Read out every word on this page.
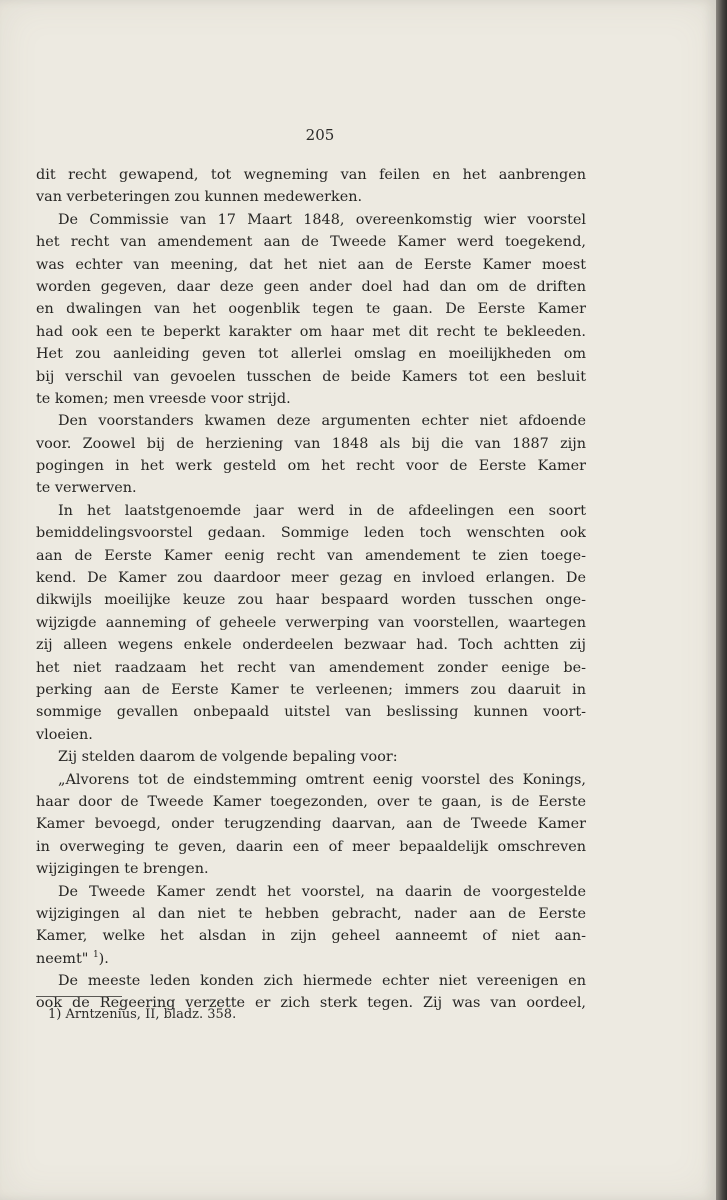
205
dit recht gewapend, tot wegneming van feilen en het aanbrengen
van verbeteringen zou kunnen medewerken.
De Commissie van 17 Maart 1848, overeenkomstig wier voorstel
het recht van amendement aan de Tweede Kamer werd toegekend,
was echter van meening, dat het niet aan de Eerste Kamer moest
worden gegeven, daar deze geen ander doel had dan om de driften
en dwalingen van het oogenblik tegen te gaan. De Eerste Kamer
had ook een te beperkt karakter om haar met dit recht te bekleeden.
Het zou aanleiding geven tot allerlei omslag en moeilijkheden om
bij verschil van gevoelen tusschen de beide Kamers tot een besluit
te komen; men vreesde voor strijd.
Den voorstanders kwamen deze argumenten echter niet afdoende
voor. Zoowel bij de herziening van 1848 als bij die van 1887 zijn
pogingen in het werk gesteld om het recht voor de Eerste Kamer
te verwerven.
In het laatstgenoemde jaar werd in de afdeelingen een soort
bemiddelingsvoorstel gedaan. Sommige leden toch wenschten ook
aan de Eerste Kamer eenig recht van amendement te zien toege-
kend. De Kamer zou daardoor meer gezag en invloed erlangen. De
dikwijls moeilijke keuze zou haar bespaard worden tusschen onge-
wijzigde aanneming of geheele verwerping van voorstellen, waartegen
zij alleen wegens enkele onderdeelen bezwaar had. Toch achtten zij
het niet raadzaam het recht van amendement zonder eenige be-
perking aan de Eerste Kamer te verleenen; immers zou daaruit in
sommige gevallen onbepaald uitstel van beslissing kunnen voort-
vloeien.
Zij stelden daarom de volgende bepaling voor:
„Alvorens tot de eindstemming omtrent eenig voorstel des Konings,
haar door de Tweede Kamer toegezonden, over te gaan, is de Eerste
Kamer bevoegd, onder terugzending daarvan, aan de Tweede Kamer
in overweging te geven, daarin een of meer bepaaldelijk omschreven
wijzigingen te brengen.
De Tweede Kamer zendt het voorstel, na daarin de voorgestelde
wijzigingen al dan niet te hebben gebracht, nader aan de Eerste
Kamer, welke het alsdan in zijn geheel aanneemt of niet aan-
neemt" $^1$).
De meeste leden konden zich hiermede echter niet vereenigen en
ook de Regeering verzette er zich sterk tegen. Zij was van oordeel,
1) Arntzenius, II, bladz. 358.
